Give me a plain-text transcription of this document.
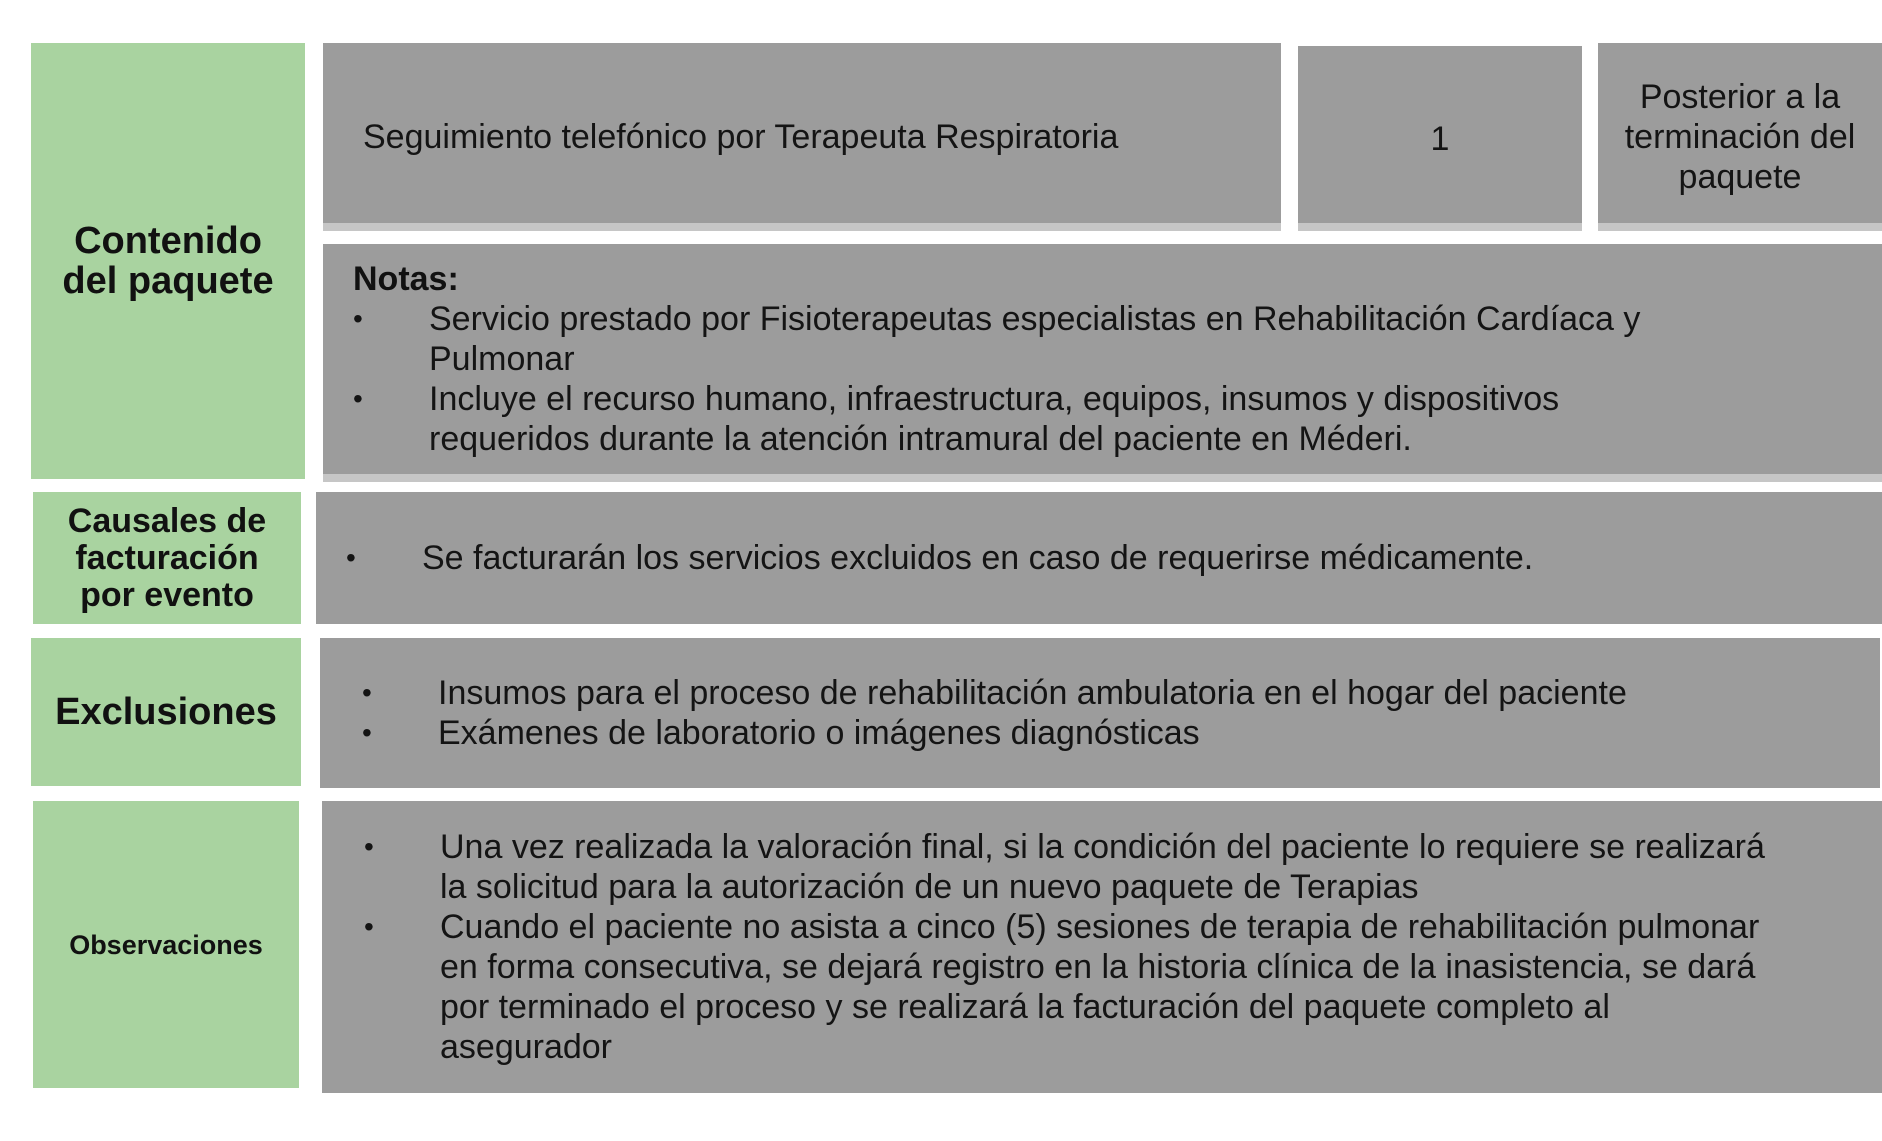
Contenido del paquete
Seguimiento telefónico por Terapeuta Respiratoria	1
Posterior a la terminación del paquete
Notas:
• Servicio prestado por Fisioterapeutas especialistas en Rehabilitación Cardíaca y Pulmonar
• Incluye el recurso humano, infraestructura, equipos, insumos y dispositivos requeridos durante la atención intramural del paciente en Méderi.
Causales de facturación por evento
• Se facturarán los servicios excluidos en caso de requerirse médicamente.
Exclusiones
•	Insumos para el proceso de rehabilitación ambulatoria en el hogar del paciente
• Exámenes de laboratorio o imágenes diagnósticas
Observaciones
• Una vez realizada la valoración final, si la condición del paciente lo requiere se realizará la solicitud para la autorización de un nuevo paquete de Terapias
• Cuando el paciente no asista a cinco (5) sesiones de terapia de rehabilitación pulmonar en forma consecutiva, se dejará registro en la historia clínica de la inasistencia, se dará por terminado el proceso y se realizará la facturación del paquete completo al asegurador
